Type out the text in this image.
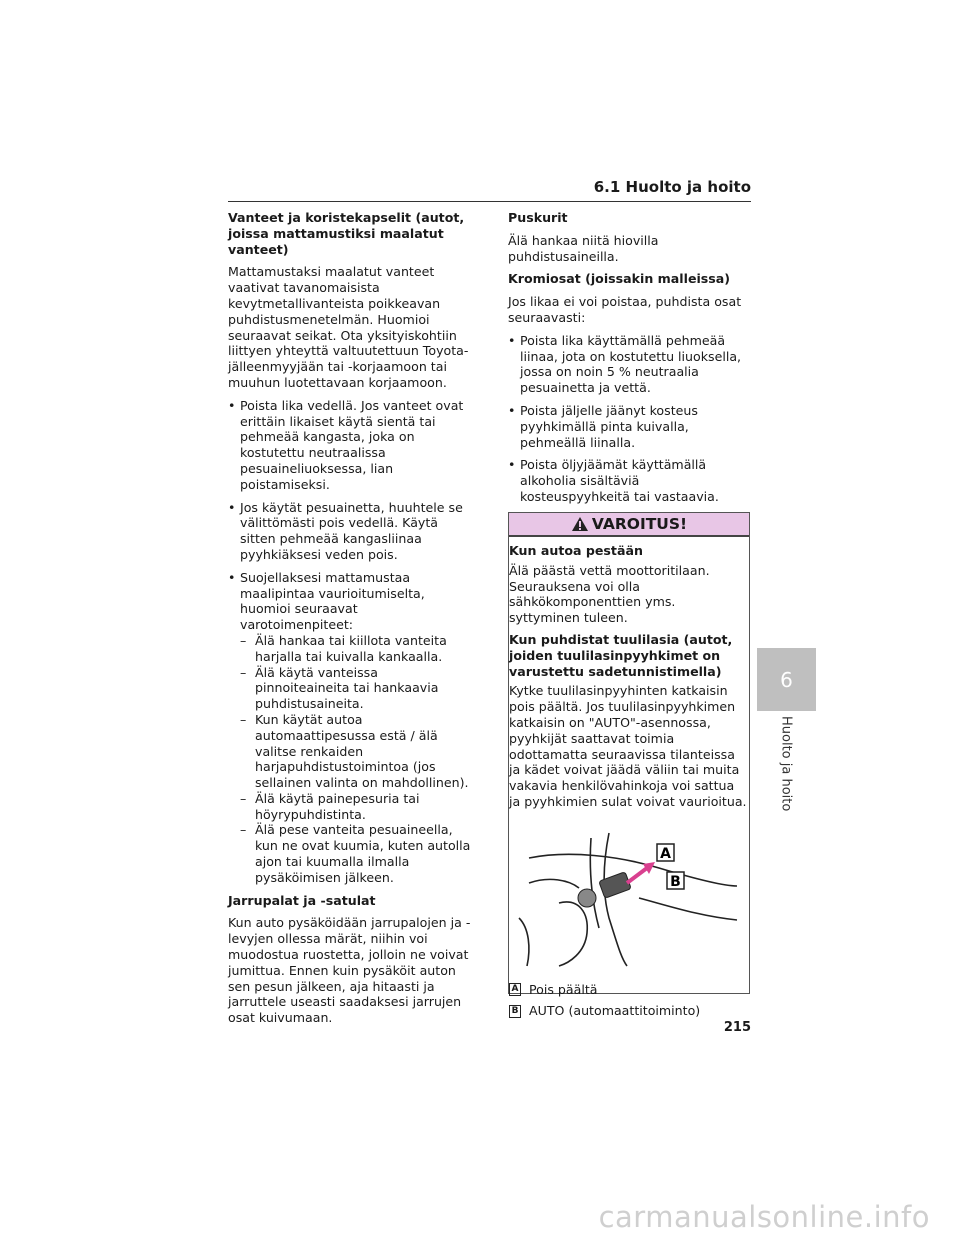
6.1 Huolto ja hoito
Vanteet ja koristekapselit (autot, joissa mattamustiksi maalatut vanteet)

Mattamustaksi maalatut vanteet vaativat tavanomaisista kevytmetallivanteista poikkeavan puhdistusmenetelmän. Huomioi seuraavat seikat. Ota yksityiskohtiin liittyen yhteyttä valtuutettuun Toyota-jälleenmyyjään tai -korjaamoon tai muuhun luotettavaan korjaamoon.

• Poista lika vedellä. Jos vanteet ovat erittäin likaiset käytä sientä tai pehmeää kangasta, joka on kostutettu neutraalissa pesuaineliuoksessa, lian poistamiseksi.
• Jos käytät pesuainetta, huuhtele se välittömästi pois vedellä. Käytä sitten pehmeää kangasliinaa pyyhkiäksesi veden pois.
• Suojellaksesi mattamustaa maalipintaa vaurioitumiselta, huomioi seuraavat varotoimenpiteet:
– Älä hankaa tai kiillota vanteita harjalla tai kuivalla kankaalla.
– Älä käytä vanteissa pinnoiteaineita tai hankaavia puhdistusaineita.
– Kun käytät autoa automaattipesussa estä / älä valitse renkaiden harjapuhdistustoimintoa (jos sellainen valinta on mahdollinen).
– Älä käytä painepesuria tai höyrypuhdistinta.
– Älä pese vanteita pesuaineella, kun ne ovat kuumia, kuten autolla ajon tai kuumalla ilmalla pysäköimisen jälkeen.
Jarrupalat ja -satulat

Kun auto pysäköidään jarrupalojen ja -levyjen ollessa märät, niihin voi muodostua ruostetta, jolloin ne voivat jumittua. Ennen kuin pysäköit auton sen pesun jälkeen, aja hitaasti ja jarruttele useasti saadaksesi jarrujen osat kuivumaan.

Puskurit

Älä hankaa niitä hiovilla puhdistusaineilla.

Kromiosat (joissakin malleissa)

Jos likaa ei voi poistaa, puhdista osat seuraavasti:

• Poista lika käyttämällä pehmeää liinaa, jota on kostutettu liuoksella, jossa on noin 5 % neutraalia pesuainetta ja vettä.
• Poista jäljelle jäänyt kosteus pyyhkimällä pinta kuivalla, pehmeällä liinalla.
• Poista öljyjäämät käyttämällä alkoholia sisältäviä kosteuspyyhkeitä tai vastaavia.
VAROITUS!
Kun autoa pestään

Älä päästä vettä moottoritilaan. Seurauksena voi olla sähkökomponenttien yms. syttyminen tuleen.

Kun puhdistat tuulilasia (autot, joiden tuulilasinpyyhkimet on varustettu sadetunnistimella)

Kytke tuulilasinpyyhinten katkaisin pois päältä. Jos tuulilasinpyyhkimen katkaisin on "AUTO"-asennossa, pyyhkijät saattavat toimia odottamatta seuraavissa tilanteissa ja kädet voivat jäädä väliin tai muita vakavia henkilövahinkoja voi sattua ja pyyhkimien sulat voivat vaurioitua.

A
B
A Pois päältä
B AUTO (automaattitoiminto)
6
Huolto ja hoito
215
carmanualsonline.info
